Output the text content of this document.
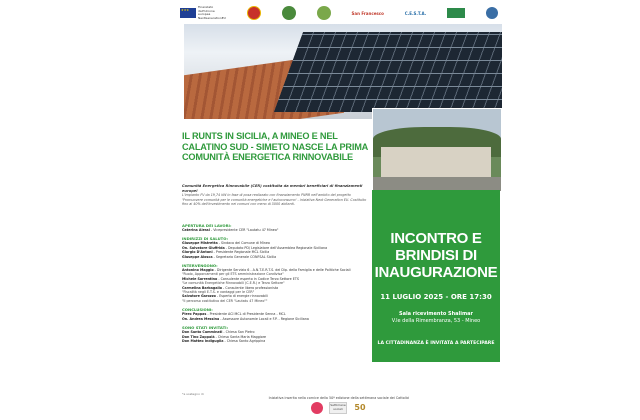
★★★
Finanziato dall'Unione europea NextGenerationEU
San Francesco	C.E.S.T.A.
IL RUNTS IN SICILIA, A MINEO E NEL CALATINO SUD - SIMETO NASCE LA PRIMA COMUNITÀ ENERGETICA RINNOVABILE
Comunità Energetica Rinnovabile (CER) costituita da membri beneficiari di finanziamenti europei
L'impianto FV da 19,74 kW in fase di posa realizzato con finanziamento PNRR nell'ambito del progetto 'Promuovere comunità per le comunità energetiche e l'autoconsumo' - iniziativa Next Generation EU. Costituito fino ai 40% dell'investimento nei comuni con meno di 5000 abitanti.
APERTURA DEI LAVORI:
Caterina Alessi - Vicepresidente CER "Lautatu 47 Mineo"
INDIRIZZI DI SALUTO:
Giuseppe Mistretta - Sindaco del Comune di Mineo
On. Salvatore Giuffrida - Deputato PD/ Legislatore dell'Assemblea Regionale Siciliana
Giorgio D'Antoni - Presidente Regionale MCL Sicilia
Giuseppe Aiosca - Segretario Generale CONFSAL Sicilia
INTERVENGONO:
Antonino Maggio - Dirigente Servizio 6 - A.N.T.E.R.T.S. del Dip. della Famiglia e delle Politiche Sociali
"Ruolo, Apporcamenti per gli ETS amministrazione Condivisa"
Michele Sorrentino - Consulente esperto in Codice Terzo Settore ETS
"Le comunità Energetiche Rinnovabili (C.E.R.) e Terzo Settore"
Carmelina Barbagallo - Consulente libero professionista
"Fiscalità negli E.T.S. e vantaggi per le CER"
Salvatore Garozzo - Esperto di energie rinnovabili
"Il percorso costitutivo del CER "Lautatu 47 Mineo""
CONCLUSIONI:
Piero Pappas - Presidente ACI MCL di Presidente Senna - MCL
On. Andrea Messina - Assessore Autonomie Locali e F.P. - Regione Siciliana
SONO STATI INVITATI:
Don Santo Camminati - Chiesa San Pietro
Don Tino Zappalà - Chiesa Santa Maria Maggiore
Don Matteo Indiguglia - Chiesa Santo Agrippina
INCONTRO E BRINDISI DI INAUGURAZIONE
11 LUGLIO 2025 - ORE 17:30
Sala ricevimento Shalimar
V.le della Rimembranza, 53 - Mineo
LA CITTADINANZA È INVITATA A PARTECIPARE
*a sostegno di
Iniziativa inserita nella cornice della 50ª edizione della settimana sociale dei Cattolici
Settimane sociali	50
